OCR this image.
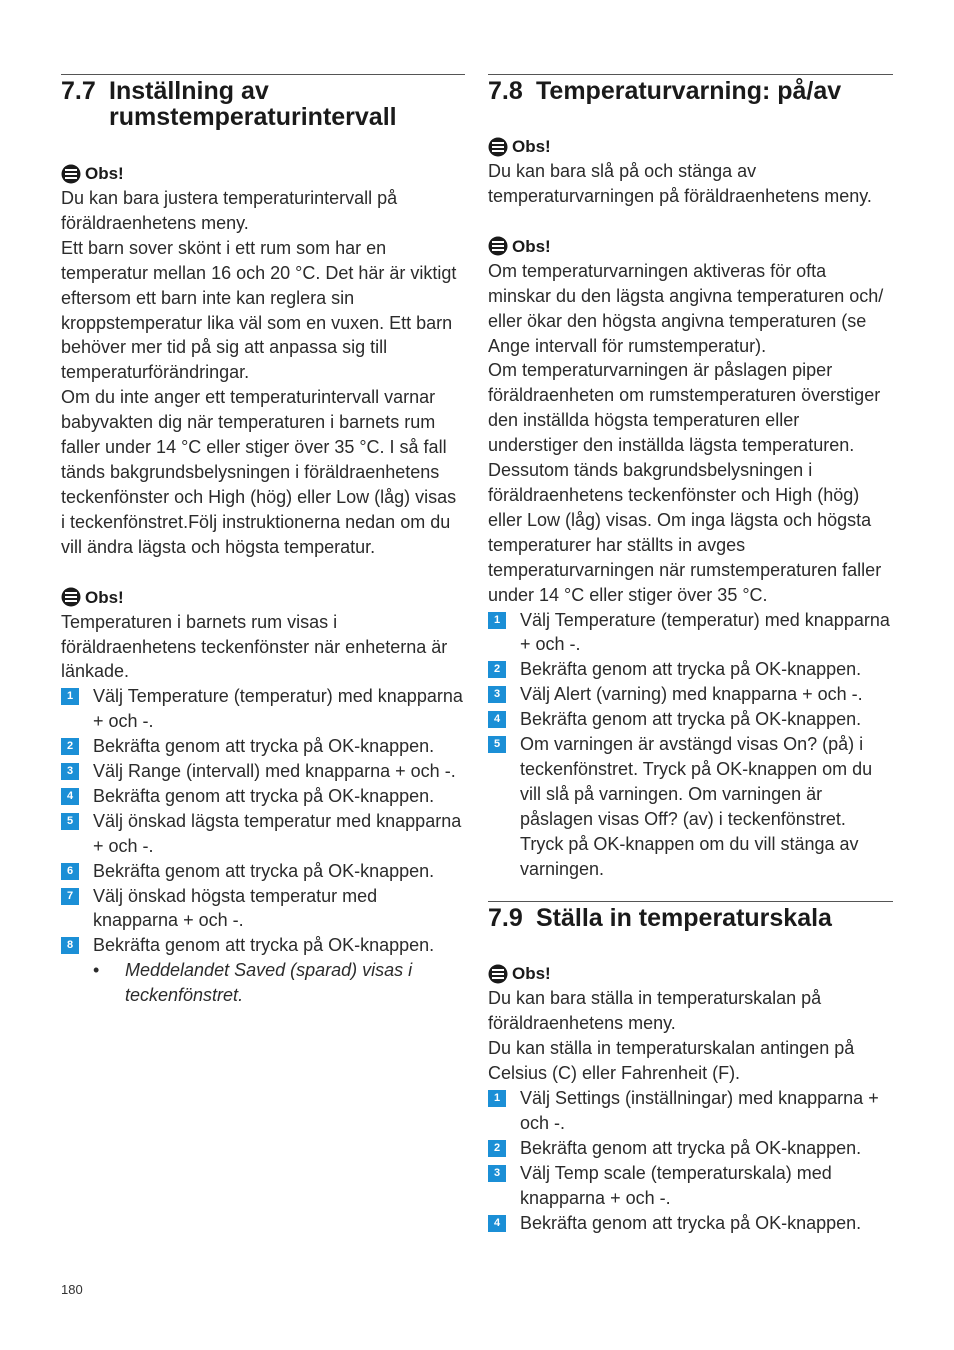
7.7 Inställning av rumstemperaturintervall
Obs!

Du kan bara justera temperaturintervall på föräldraenhetens meny.

Ett barn sover skönt i ett rum som har en temperatur mellan 16 och 20 °C. Det här är viktigt eftersom ett barn inte kan reglera sin kroppstemperatur lika väl som en vuxen. Ett barn behöver mer tid på sig att anpassa sig till temperaturförändringar.

Om du inte anger ett temperaturintervall varnar babyvakten dig när temperaturen i barnets rum faller under 14 °C eller stiger över 35 °C. I så fall tänds bakgrundsbelysningen i föräldraenhetens teckenfönster och High (hög) eller Low (låg) visas i teckenfönstret.Följ instruktionerna nedan om du vill ändra lägsta och högsta temperatur.

Obs!

Temperaturen i barnets rum visas i föräldraenhetens teckenfönster när enheterna är länkade.

1	Välj Temperature (temperatur) med knapparna + och -.
2	Bekräfta genom att trycka på OK-knappen.
3	Välj Range (intervall) med knapparna + och -.
4	Bekräfta genom att trycka på OK-knappen.
5	Välj önskad lägsta temperatur med knapparna + och -.
6	Bekräfta genom att trycka på OK-knappen.
7	Välj önskad högsta temperatur med knapparna + och -.
8	Bekräfta genom att trycka på OK-knappen.
•	Meddelandet Saved (sparad) visas i teckenfönstret.
7.8 Temperaturvarning: på/av
Obs!

Du kan bara slå på och stänga av temperaturvarningen på föräldraenhetens meny.

Obs!

Om temperaturvarningen aktiveras för ofta minskar du den lägsta angivna temperaturen och/ eller ökar den högsta angivna temperaturen (se Ange intervall för rumstemperatur).

Om temperaturvarningen är påslagen piper föräldraenheten om rumstemperaturen överstiger den inställda högsta temperaturen eller understiger den inställda lägsta temperaturen. Dessutom tänds bakgrundsbelysningen i föräldraenhetens teckenfönster och High (hög) eller Low (låg) visas. Om inga lägsta och högsta temperaturer har ställts in avges temperaturvarningen när rumstemperaturen faller under 14 °C eller stiger över 35 °C.

1	Välj Temperature (temperatur) med knapparna + och -.
2	Bekräfta genom att trycka på OK-knappen.
3	Välj Alert (varning) med knapparna + och -.
4	Bekräfta genom att trycka på OK-knappen.
5	Om varningen är avstängd visas On? (på) i teckenfönstret. Tryck på OK-knappen om du vill slå på varningen. Om varningen är påslagen visas Off? (av) i teckenfönstret. Tryck på OK-knappen om du vill stänga av varningen.
7.9 Ställa in temperaturskala
Obs!

Du kan bara ställa in temperaturskalan på föräldraenhetens meny.

Du kan ställa in temperaturskalan antingen på Celsius (C) eller Fahrenheit (F).

1	Välj Settings (inställningar) med knapparna + och -.
2	Bekräfta genom att trycka på OK-knappen.
3	Välj Temp scale (temperaturskala) med knapparna + och -.
4	Bekräfta genom att trycka på OK-knappen.
180
